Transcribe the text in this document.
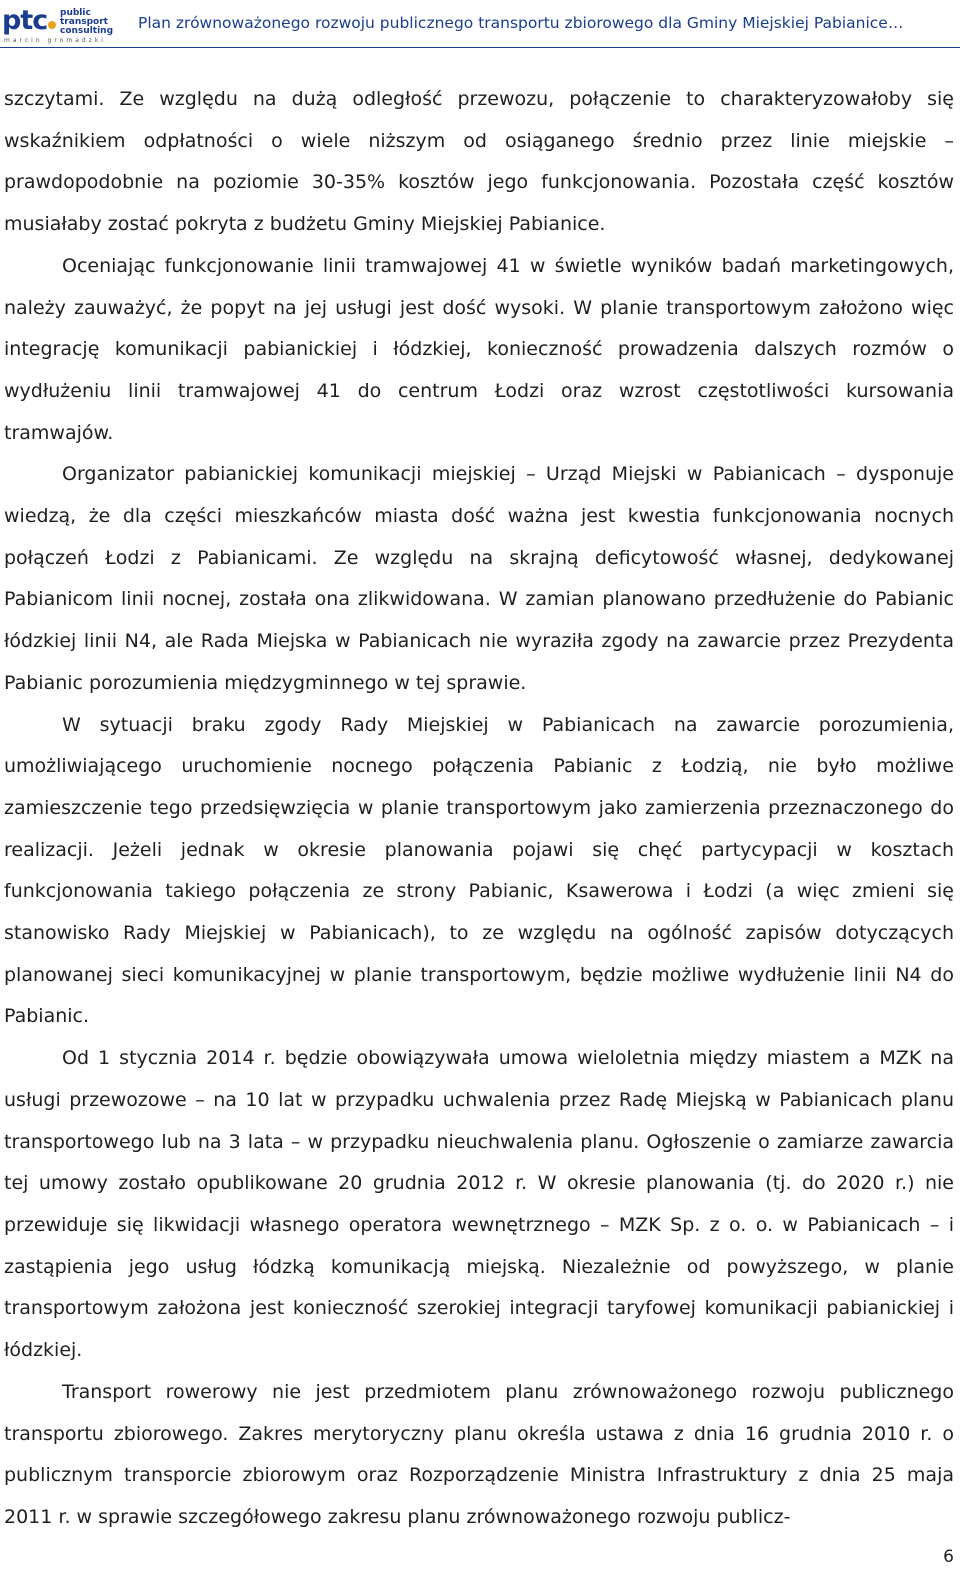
ptc public
transport
consulting
marcin gromadzki
Plan zrównoważonego rozwoju publicznego transportu zbiorowego dla Gminy Miejskiej Pabianice…

szczytami. Ze względu na dużą odległość przewozu, połączenie to charakteryzowałoby się wskaźnikiem odpłatności o wiele niższym od osiąganego średnio przez linie miejskie – prawdopodobnie na poziomie 30-35% kosztów jego funkcjonowania. Pozostała część kosztów musiałaby zostać pokryta z budżetu Gminy Miejskiej Pabianice.

Oceniając funkcjonowanie linii tramwajowej 41 w świetle wyników badań marketingowych, należy zauważyć, że popyt na jej usługi jest dość wysoki. W planie transportowym założono więc integrację komunikacji pabianickiej i łódzkiej, konieczność prowadzenia dalszych rozmów o wydłużeniu linii tramwajowej 41 do centrum Łodzi oraz wzrost częstotliwości kursowania tramwajów.

Organizator pabianickiej komunikacji miejskiej – Urząd Miejski w Pabianicach – dysponuje wiedzą, że dla części mieszkańców miasta dość ważna jest kwestia funkcjonowania nocnych połączeń Łodzi z Pabianicami. Ze względu na skrajną deficytowość własnej, dedykowanej Pabianicom linii nocnej, została ona zlikwidowana. W zamian planowano przedłużenie do Pabianic łódzkiej linii N4, ale Rada Miejska w Pabianicach nie wyraziła zgody na zawarcie przez Prezydenta Pabianic porozumienia międzygminnego w tej sprawie.

W sytuacji braku zgody Rady Miejskiej w Pabianicach na zawarcie porozumienia, umożliwiającego uruchomienie nocnego połączenia Pabianic z Łodzią, nie było możliwe zamieszczenie tego przedsięwzięcia w planie transportowym jako zamierzenia przeznaczonego do realizacji. Jeżeli jednak w okresie planowania pojawi się chęć partycypacji w kosztach funkcjonowania takiego połączenia ze strony Pabianic, Ksawerowa i Łodzi (a więc zmieni się stanowisko Rady Miejskiej w Pabianicach), to ze względu na ogólność zapisów dotyczących planowanej sieci komunikacyjnej w planie transportowym, będzie możliwe wydłużenie linii N4 do Pabianic.

Od 1 stycznia 2014 r. będzie obowiązywała umowa wieloletnia między miastem a MZK na usługi przewozowe – na 10 lat w przypadku uchwalenia przez Radę Miejską w Pabianicach planu transportowego lub na 3 lata – w przypadku nieuchwalenia planu. Ogłoszenie o zamiarze zawarcia tej umowy zostało opublikowane 20 grudnia 2012 r. W okresie planowania (tj. do 2020 r.) nie przewiduje się likwidacji własnego operatora wewnętrznego – MZK Sp. z o. o. w Pabianicach – i zastąpienia jego usług łódzką komunikacją miejską. Niezależnie od powyższego, w planie transportowym założona jest konieczność szerokiej integracji taryfowej komunikacji pabianickiej i łódzkiej.

Transport rowerowy nie jest przedmiotem planu zrównoważonego rozwoju publicznego transportu zbiorowego. Zakres merytoryczny planu określa ustawa z dnia 16 grudnia 2010 r. o publicznym transporcie zbiorowym oraz Rozporządzenie Ministra Infrastruktury z dnia 25 maja 2011 r. w sprawie szczegółowego zakresu planu zrównoważonego rozwoju publicz-

6
